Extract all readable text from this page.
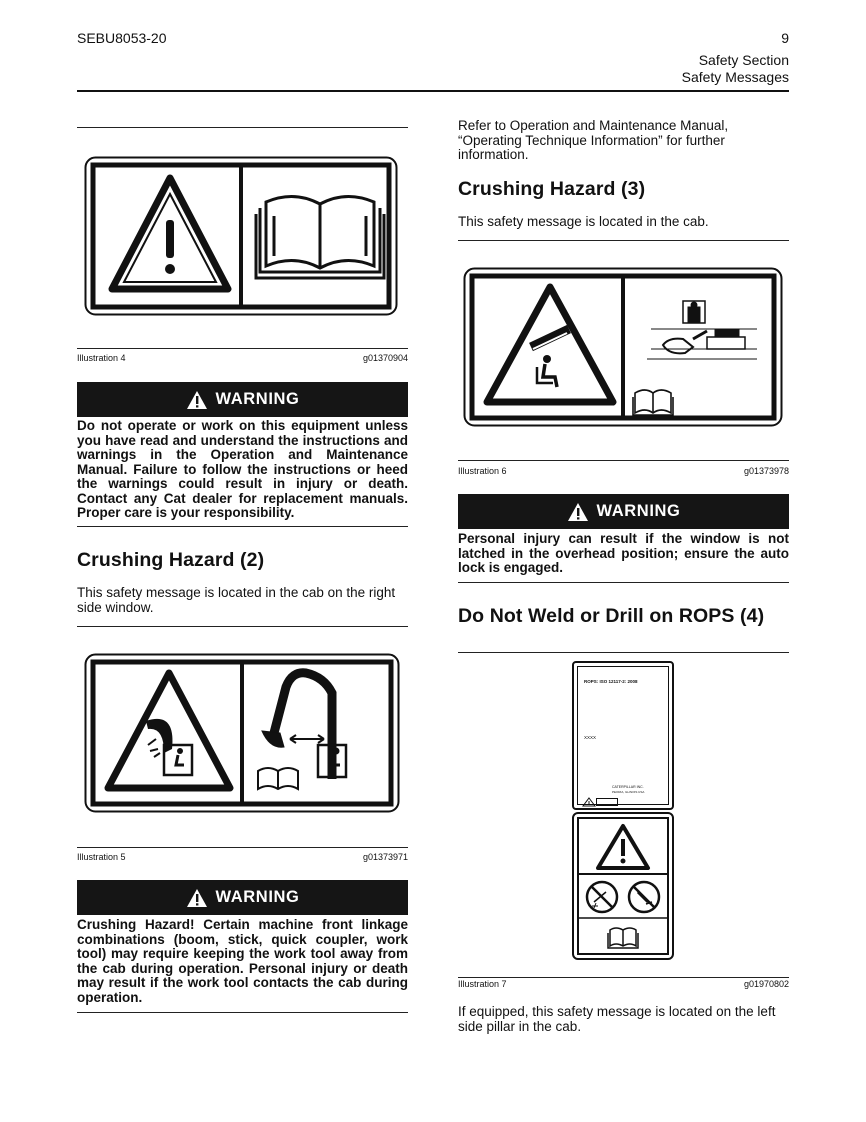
SEBU8053-20	9
Safety Section
Safety Messages
Illustration 4	g01370904
WARNING
Do not operate or work on this equipment unless you have read and understand the instructions and warnings in the Operation and Maintenance Manual. Failure to follow the instructions or heed the warnings could result in injury or death. Contact any Cat dealer for replacement manuals. Proper care is your responsibility.
Crushing Hazard (2)
This safety message is located in the cab on the right side window.
Illustration 5	g01373971
WARNING
Crushing Hazard! Certain machine front linkage combinations (boom, stick, quick coupler, work tool) may require keeping the work tool away from the cab during operation. Personal injury or death may result if the work tool contacts the cab during operation.
Refer to Operation and Maintenance Manual, “Operating Technique Information” for further information.
Crushing Hazard (3)
This safety message is located in the cab.
Illustration 6	g01373978
WARNING
Personal injury can result if the window is not latched in the overhead position; ensure the auto lock is engaged.
Do Not Weld or Drill on ROPS (4)
ROPS: ISO 12117-2: 2008
XXXX
CATERPILLAR INC.
PEORIA, ILLINOIS USA
Illustration 7	g01970802
If equipped, this safety message is located on the left side pillar in the cab.
